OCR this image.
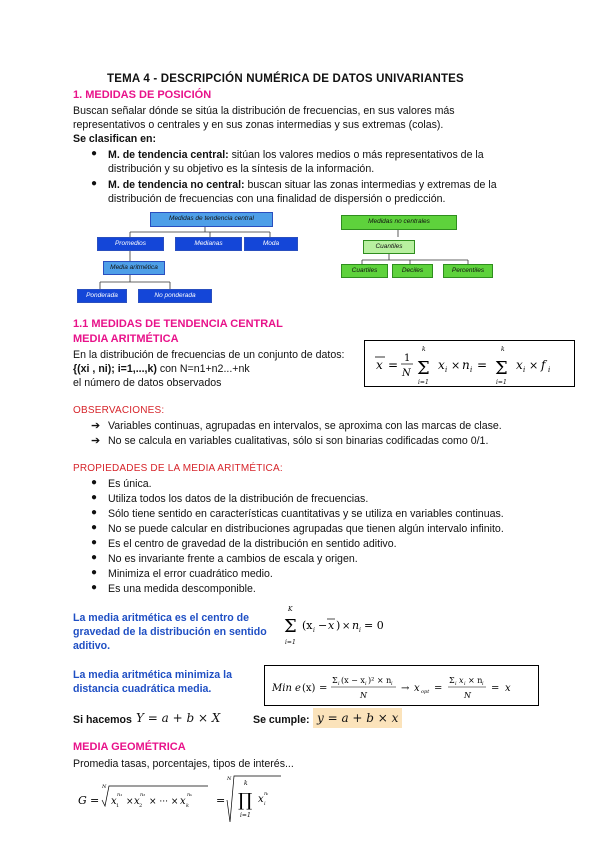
TEMA 4 - DESCRIPCIÓN NUMÉRICA DE DATOS UNIVARIANTES
1. MEDIDAS DE POSICIÓN
Buscan señalar dónde se sitúa la distribución de frecuencias, en sus valores más
representativos o centrales y en sus zonas intermedias y sus extremas (colas).
Se clasifican en:
● M. de tendencia central: sitúan los valores medios o más representativos de la
distribución y su objetivo es la síntesis de la información.
● M. de tendencia no central: buscan situar las zonas intermedias y extremas de la
distribución de frecuencias con una finalidad de dispersión o predicción.
Medidas de tendencia central
Promedios	Medianas	Moda
Media aritmética
Ponderada	No ponderada
Medidas no centrales
Cuantiles
Cuartiles	Deciles	Percentiles
1.1 MEDIDAS DE TENDENCIA CENTRAL
MEDIA ARITMÉTICA
En la distribución de frecuencias de un conjunto de datos:
{(xi , ni); i=1,...,k) con N=n1+n2...+nk
el número de datos observados
x = 1
N
k
Σ
i=1
x i × n i =
k
Σ
i=1
x i × f i
OBSERVACIONES:
➔ Variables continuas, agrupadas en intervalos, se aproxima con las marcas de clase.
➔ No se calcula en variables cualitativas, sólo si son binarias codificadas como 0/1.
PROPIEDADES DE LA MEDIA ARITMÉTICA:
● Es única.
● Utiliza todos los datos de la distribución de frecuencias.
● Sólo tiene sentido en características cuantitativas y se utiliza en variables continuas.
● No se puede calcular en distribuciones agrupadas que tienen algún intervalo infinito.
● Es el centro de gravedad de la distribución en sentido aditivo.
● No es invariante frente a cambios de escala y origen.
● Minimiza el error cuadrático medio.
● Es una medida descomponible.
La media aritmética es el centro de
gravedad de la distribución en sentido
aditivo.
K
Σ
i=1
(x i − x ) × n i = 0
La media aritmética minimiza la
distancia cuadrática media.	Min e (x) =
Σ i (x − x i )² × n i
N
→ x opt =
Σ i x i × n i
N
= x
Si hacemos Y = a + b × X	Se cumple: y = a + b × x
MEDIA GEOMÉTRICA
Promedia tasas, porcentajes, tipos de interés...
G =
N
x 1
n₁
× x 2
n₂
× ··· × x k
nₖ =
N
k
∏
i=1
x i
nᵢ
